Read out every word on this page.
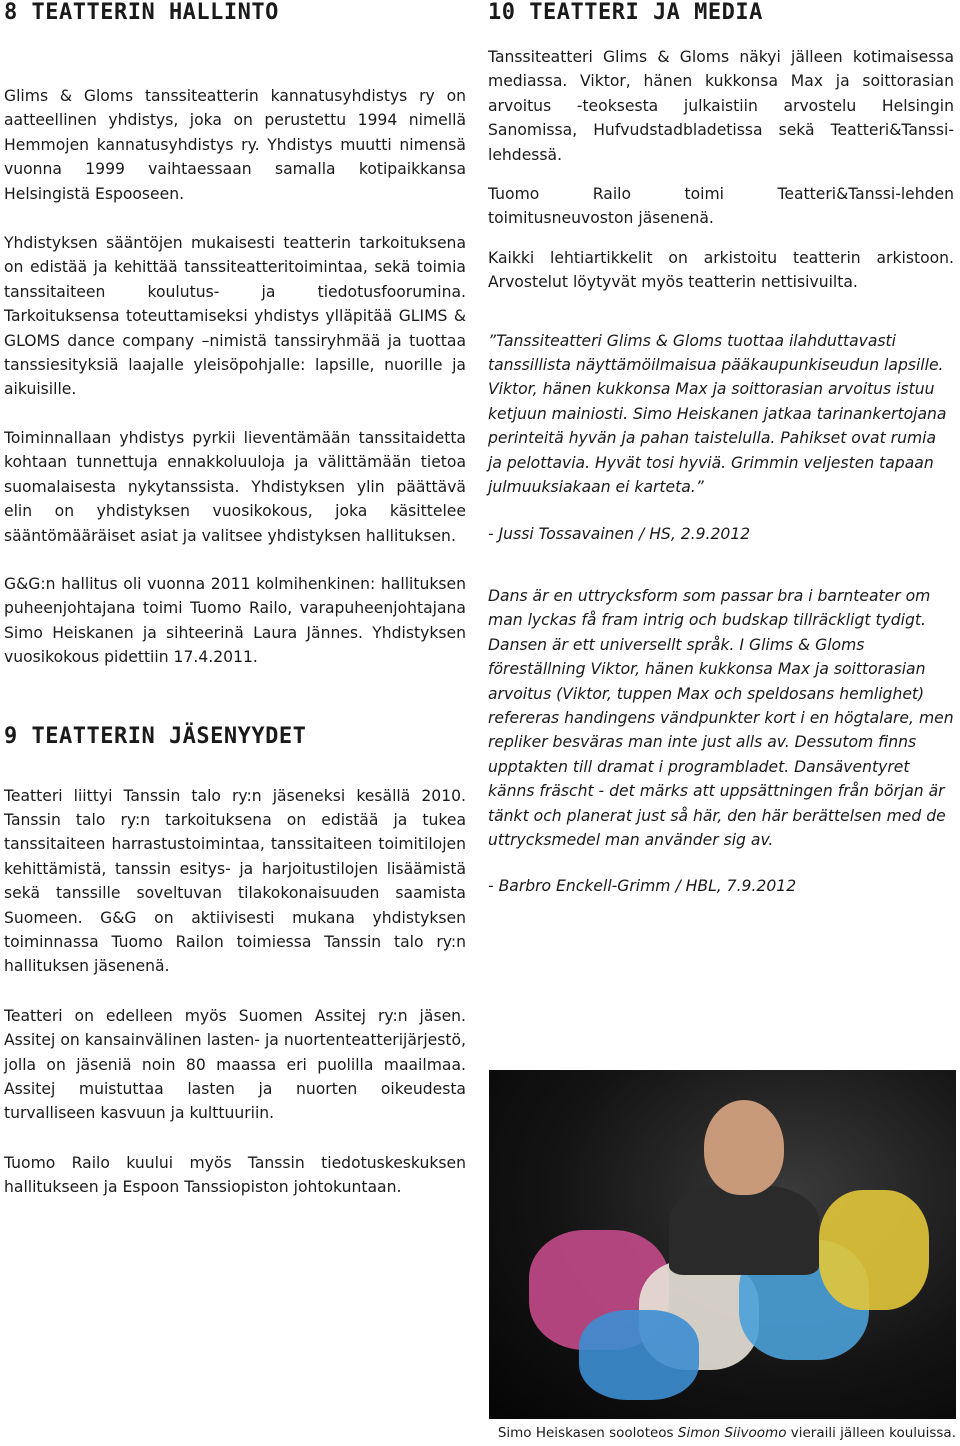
8 TEATTERIN HALLINTO

Glims & Gloms tanssiteatterin kannatusyhdistys ry on aatteellinen yhdistys, joka on perustettu 1994 nimellä Hemmojen kannatusyhdistys ry. Yhdistys muutti nimensä vuonna 1999 vaihtaessaan samalla kotipaikkansa Helsingistä Espooseen.

Yhdistyksen sääntöjen mukaisesti teatterin tarkoituksena on edistää ja kehittää tanssiteatteritoimintaa, sekä toimia tanssitaiteen koulutus- ja tiedotusfoorumina. Tarkoituksensa toteuttamiseksi yhdistys ylläpitää GLIMS & GLOMS dance company –nimistä tanssiryhmää ja tuottaa tanssiesityksiä laajalle yleisöpohjalle: lapsille, nuorille ja aikuisille.

Toiminnallaan yhdistys pyrkii lieventämään tanssitaidetta kohtaan tunnettuja ennakkoluuloja ja välittämään tietoa suomalaisesta nykytanssista. Yhdistyksen ylin päättävä elin on yhdistyksen vuosikokous, joka käsittelee sääntömääräiset asiat ja valitsee yhdistyksen hallituksen.

G&G:n hallitus oli vuonna 2011 kolmihenkinen: hallituksen puheenjohtajana toimi Tuomo Railo, varapuheenjohtajana Simo Heiskanen ja sihteerinä Laura Jännes. Yhdistyksen vuosikokous pidettiin 17.4.2011.

9 TEATTERIN JÄSENYYDET

Teatteri liittyi Tanssin talo ry:n jäseneksi kesällä 2010. Tanssin talo ry:n tarkoituksena on edistää ja tukea tanssitaiteen harrastustoimintaa, tanssitaiteen toimitilojen kehittämistä, tanssin esitys- ja harjoitustilojen lisäämistä sekä tanssille soveltuvan tilakokonaisuuden saamista Suomeen. G&G on aktiivisesti mukana yhdistyksen toiminnassa Tuomo Railon toimiessa Tanssin talo ry:n hallituksen jäsenenä.

Teatteri on edelleen myös Suomen Assitej ry:n jäsen. Assitej on kansainvälinen lasten- ja nuortenteatterijärjestö, jolla on jäseniä noin 80 maassa eri puolilla maailmaa. Assitej muistuttaa lasten ja nuorten oikeudesta turvalliseen kasvuun ja kulttuuriin.

Tuomo Railo kuului myös Tanssin tiedotuskeskuksen hallitukseen ja Espoon Tanssiopiston johtokuntaan.

10 TEATTERI JA MEDIA

Tanssiteatteri Glims & Gloms näkyi jälleen kotimaisessa mediassa. Viktor, hänen kukkonsa Max ja soittorasian arvoitus -teoksesta julkaistiin arvostelu Helsingin Sanomissa, Hufvudstadbladetissa sekä Teatteri&Tanssi-lehdessä.

Tuomo Railo toimi Teatteri&Tanssi-lehden toimitusneuvoston jäsenenä.

Kaikki lehtiartikkelit on arkistoitu teatterin arkistoon. Arvostelut löytyvät myös teatterin nettisivuilta.

”Tanssiteatteri Glims & Gloms tuottaa ilahduttavasti tanssillista näyttämöilmaisua pääkaupunkiseudun lapsille. Viktor, hänen kukkonsa Max ja soittorasian arvoitus istuu ketjuun mainiosti. Simo Heiskanen jatkaa tarinankertojana perinteitä hyvän ja pahan taistelulla. Pahikset ovat rumia ja pelottavia. Hyvät tosi hyviä. Grimmin veljesten tapaan julmuuksiakaan ei karteta.”

- Jussi Tossavainen / HS, 2.9.2012

Dans är en uttrycksform som passar bra i barnteater om man lyckas få fram intrig och budskap tillräckligt tydigt. Dansen är ett universellt språk. I Glims & Gloms föreställning Viktor, hänen kukkonsa Max ja soittorasian arvoitus (Viktor, tuppen Max och speldosans hemlighet) refereras handingens vändpunkter kort i en högtalare, men repliker besväras man inte just alls av. Dessutom finns upptakten till dramat i programbladet. Dansäventyret känns fräscht - det märks att uppsättningen från början är tänkt och planerat just så här, den här berättelsen med de uttrycksmedel man använder sig av.

- Barbro Enckell-Grimm / HBL, 7.9.2012

Simo Heiskasen sooloteos Simon Siivoomo vieraili jälleen kouluissa.
